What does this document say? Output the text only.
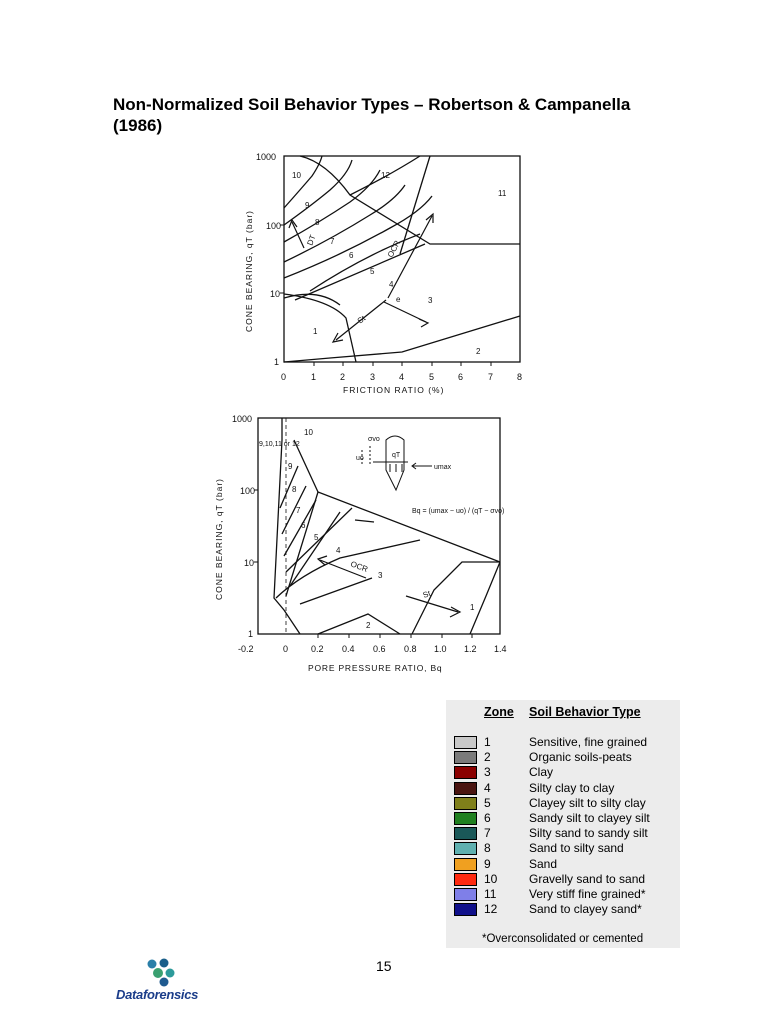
Non-Normalized Soil Behavior Types – Robertson & Campanella (1986)
1000
100
10
1
0	1	2	3	4	5	6	7	8
FRICTION RATIO (%)
CONE BEARING, qT (bar)	1
2
3
4
5
6
7
8
9
10
11
12
OCR
St
e
DT
1000
100
10
1
-0.2	0	0.2 0.4 0.6 0.8 1.0 1.2 1.4
PORE PRESSURE RATIO, Bq
CONE BEARING, qT (bar)
1
2
3
4
5
6
7
8
9
10
9,10,11 or 12
OCR
St
Bq = (umax − uo) / (qT − σvo)
umax
qT
uo
σvo
Zone Soil Behavior Type
1	Sensitive, fine grained
2	Organic soils-peats
3	Clay
4	Silty clay to clay
5	Clayey silt to silty clay
6	Sandy silt to clayey silt
7	Silty sand to sandy silt
8	Sand to silty sand
9	Sand
10	Gravelly sand to sand
11	Very stiff fine grained*
12	Sand to clayey sand*
*Overconsolidated or cemented
15
Dataforensics
